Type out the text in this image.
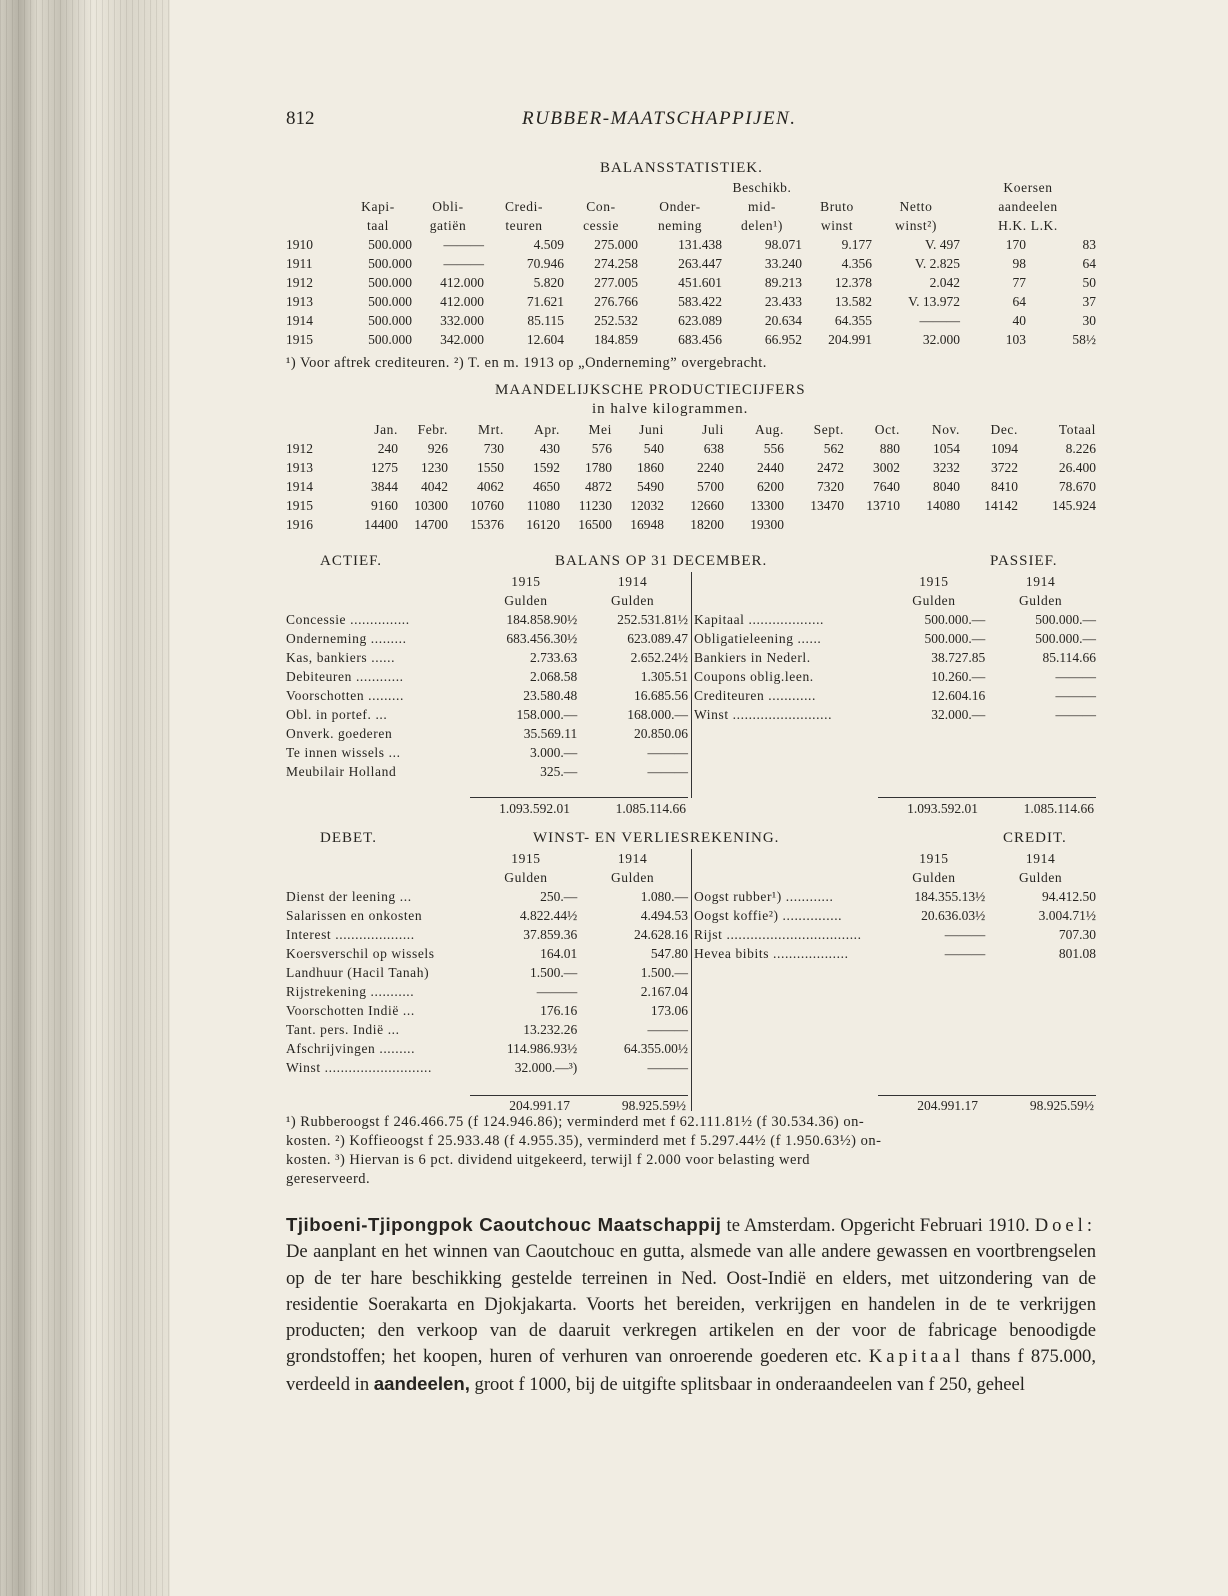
812	RUBBER-MAATSCHAPPIJEN.
BALANSSTATISTIEK.
						Beschikb.			Koersen	
	Kapi-	Obli-	Credi-	Con-	Onder-	mid-	Bruto	Netto	aandeelen	
	taal	gatiën	teuren	cessie	neming	delen¹)	winst	winst²)	H.K. L.K.	
1910	500.000	———	4.509	275.000	131.438	98.071	9.177	V. 497	170	83
1911	500.000	———	70.946	274.258	263.447	33.240	4.356	V. 2.825	98	64
1912	500.000	412.000	5.820	277.005	451.601	89.213	12.378	2.042	77	50
1913	500.000	412.000	71.621	276.766	583.422	23.433	13.582	V. 13.972	64	37
1914	500.000	332.000	85.115	252.532	623.089	20.634	64.355	———	40	30
1915	500.000	342.000	12.604	184.859	683.456	66.952	204.991	32.000	103	58½
¹) Voor aftrek crediteuren. ²) T. en m. 1913 op „Onderneming” overgebracht.
MAANDELIJKSCHE PRODUCTIECIJFERS
in halve kilogrammen.
	Jan.	Febr.	Mrt.	Apr.	Mei	Juni	Juli	Aug.	Sept.	Oct.	Nov.	Dec.	Totaal
1912	240	926	730	430	576	540	638	556	562	880	1054	1094	8.226
1913	1275	1230	1550	1592	1780	1860	2240	2440	2472	3002	3232	3722	26.400
1914	3844	4042	4062	4650	4872	5490	5700	6200	7320	7640	8040	8410	78.670
1915	9160	10300	10760	11080	11230	12032	12660	13300	13470	13710	14080	14142	145.924
1916	14400	14700	15376	16120	16500	16948	18200	19300					
ACTIEF.	BALANS OP 31 DECEMBER.	PASSIEF.
	1915	1914
	Gulden	Gulden
Concessie ...............	184.858.90½	252.531.81½
Onderneming .........	683.456.30½	623.089.47
Kas, bankiers ......	2.733.63	2.652.24½
Debiteuren ............	2.068.58	1.305.51
Voorschotten .........	23.580.48	16.685.56
Obl. in portef. ...	158.000.—	168.000.—
Onverk. goederen	35.569.11	20.850.06
Te innen wissels ...	3.000.—	———
Meubilair Holland	325.—	———
	1915	1914
	Gulden	Gulden
Kapitaal ...................	500.000.—	500.000.—
Obligatieleening ......	500.000.—	500.000.—
Bankiers in Nederl.	38.727.85	85.114.66
Coupons oblig.leen.	10.260.—	———
Crediteuren ............	12.604.16	———
Winst .........................	32.000.—	———
1.093.592.01	1.085.114.66	1.093.592.01	1.085.114.66
DEBET.	WINST- EN VERLIESREKENING.	CREDIT.
	1915	1914
	Gulden	Gulden
Dienst der leening ...	250.—	1.080.—
Salarissen en onkosten	4.822.44½	4.494.53
Interest ....................	37.859.36	24.628.16
Koersverschil op wissels	164.01	547.80
Landhuur (Hacil Tanah)	1.500.—	1.500.—
Rijstrekening ...........	———	2.167.04
Voorschotten Indië ...	176.16	173.06
Tant. pers. Indië ...	13.232.26	———
Afschrijvingen .........	114.986.93½	64.355.00½
Winst ...........................	32.000.—³)	———
	1915	1914
	Gulden	Gulden
Oogst rubber¹) ............	184.355.13½	94.412.50
Oogst koffie²) ...............	20.636.03½	3.004.71½
Rijst ..................................	———	707.30
Hevea bibits ...................	———	801.08
204.991.17	98.925.59½	204.991.17	98.925.59½
¹) Rubberoogst f 246.466.75 (f 124.946.86); verminderd met f 62.111.81½ (f 30.534.36) on-
kosten. ²) Koffieoogst f 25.933.48 (f 4.955.35), verminderd met f 5.297.44½ (f 1.950.63½) on-
kosten. ³) Hiervan is 6 pct. dividend uitgekeerd, terwijl f 2.000 voor belasting werd
gereserveerd.

Tjiboeni-Tjipongpok Caoutchouc Maatschappij te Amsterdam. Opgericht Februari 1910. Doel: De aanplant en het winnen van Caoutchouc en gutta, alsmede van alle andere gewassen en voortbrengselen op de ter hare beschikking gestelde terreinen in Ned. Oost-Indië en elders, met uitzondering van de residentie Soerakarta en Djokjakarta. Voorts het bereiden, verkrijgen en handelen in de te verkrijgen producten; den verkoop van de daaruit verkregen artikelen en der voor de fabricage benoodigde grondstoffen; het koopen, huren of verhuren van onroerende goederen etc. Kapitaal thans f 875.000, verdeeld in aandeelen, groot f 1000, bij de uitgifte splitsbaar in onderaandeelen van f 250, geheel
